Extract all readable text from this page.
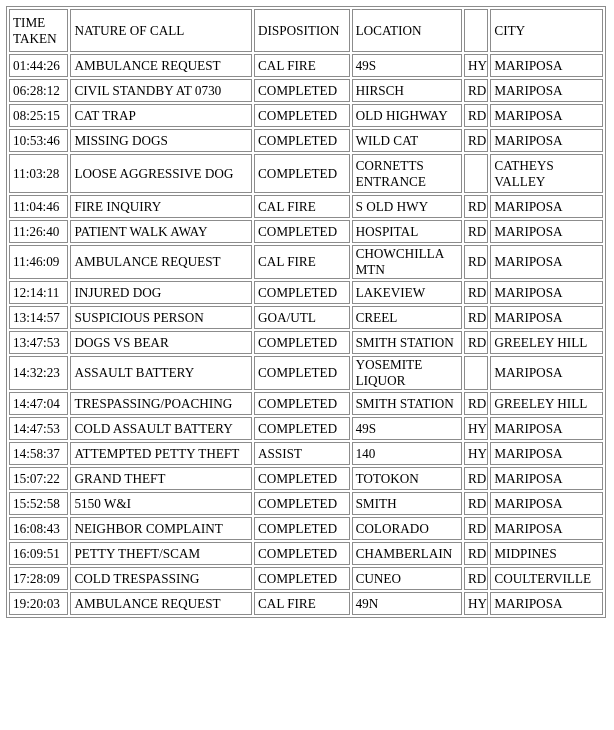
TIME TAKEN	NATURE OF CALL	DISPOSITION	LOCATION		CITY
01:44:26	AMBULANCE REQUEST	CAL FIRE	49S	HY	MARIPOSA
06:28:12	CIVIL STANDBY AT 0730	COMPLETED	HIRSCH	RD	MARIPOSA
08:25:15	CAT TRAP	COMPLETED	OLD HIGHWAY	RD	MARIPOSA
10:53:46	MISSING DOGS	COMPLETED	WILD CAT	RD	MARIPOSA
11:03:28	LOOSE AGGRESSIVE DOG	COMPLETED	CORNETTS ENTRANCE		CATHEYS VALLEY
11:04:46	FIRE INQUIRY	CAL FIRE	S OLD HWY	RD	MARIPOSA
11:26:40	PATIENT WALK AWAY	COMPLETED	HOSPITAL	RD	MARIPOSA
11:46:09	AMBULANCE REQUEST	CAL FIRE	CHOWCHILLA MTN	RD	MARIPOSA
12:14:11	INJURED DOG	COMPLETED	LAKEVIEW	RD	MARIPOSA
13:14:57	SUSPICIOUS PERSON	GOA/UTL	CREEL	RD	MARIPOSA
13:47:53	DOGS VS BEAR	COMPLETED	SMITH STATION	RD	GREELEY HILL
14:32:23	ASSAULT BATTERY	COMPLETED	YOSEMITE LIQUOR		MARIPOSA
14:47:04	TRESPASSING/POACHING	COMPLETED	SMITH STATION	RD	GREELEY HILL
14:47:53	COLD ASSAULT BATTERY	COMPLETED	49S	HY	MARIPOSA
14:58:37	ATTEMPTED PETTY THEFT	ASSIST	140	HY	MARIPOSA
15:07:22	GRAND THEFT	COMPLETED	TOTOKON	RD	MARIPOSA
15:52:58	5150 W&I	COMPLETED	SMITH	RD	MARIPOSA
16:08:43	NEIGHBOR COMPLAINT	COMPLETED	COLORADO	RD	MARIPOSA
16:09:51	PETTY THEFT/SCAM	COMPLETED	CHAMBERLAIN	RD	MIDPINES
17:28:09	COLD TRESPASSING	COMPLETED	CUNEO	RD	COULTERVILLE
19:20:03	AMBULANCE REQUEST	CAL FIRE	49N	HY	MARIPOSA
